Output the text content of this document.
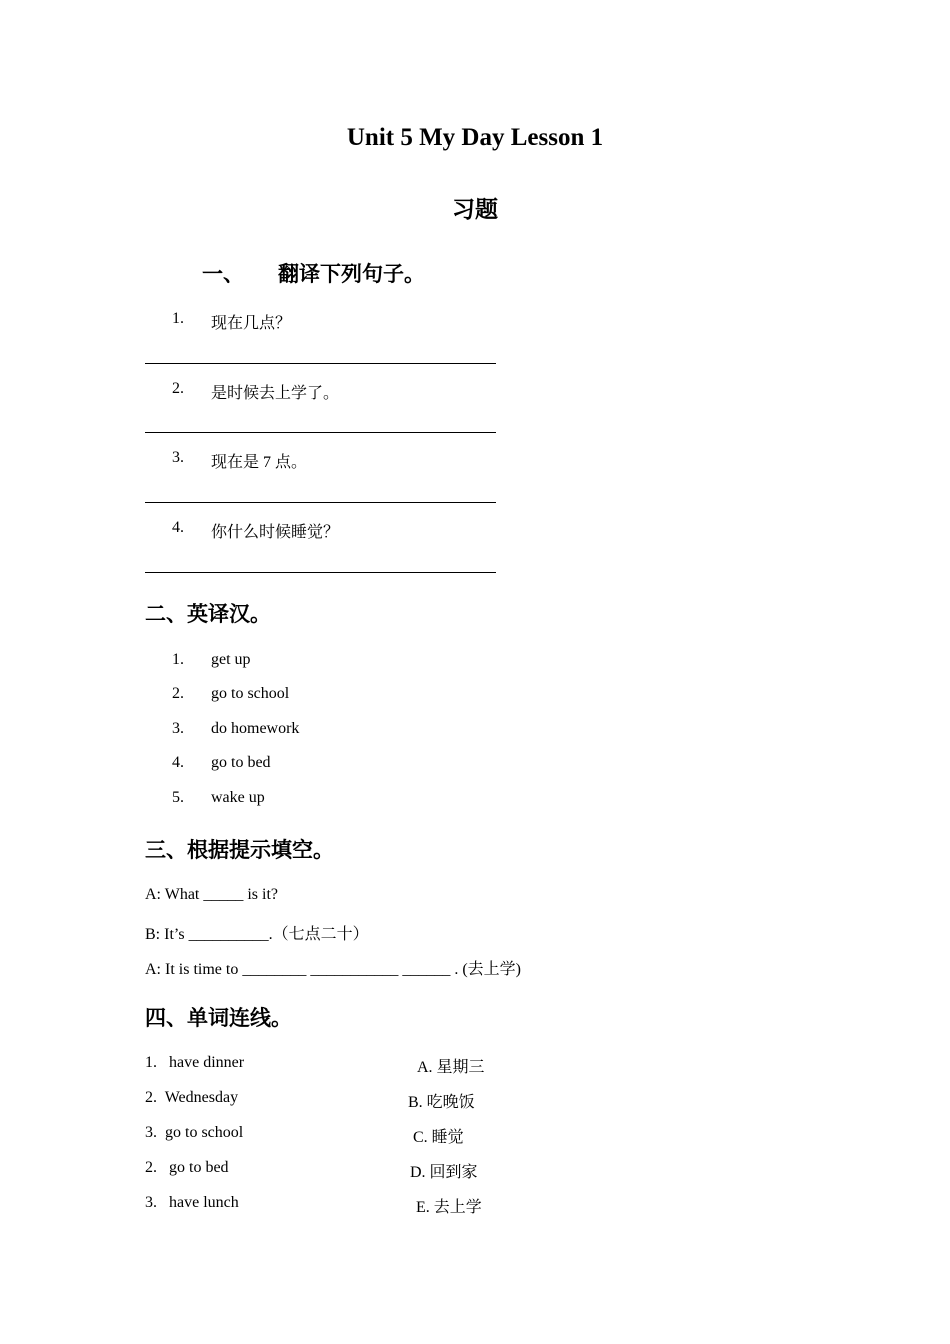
Unit 5 My Day Lesson 1
习题
一、 翻译下列句子。
1. 现在几点？
2. 是时候去上学了。
3. 现在是 7 点。
4. 你什么时候睡觉？
二、英译汉。
1. get up
2. go to school
3. do homework
4. go to bed
5. wake up
三、根据提示填空。
A: What _____ is it?
B: It’s __________.（七点二十）
A: It is time to ________ ___________ ______ . (去上学)
四、单词连线。
1.   have dinner	A. 星期三
2.  Wednesday	B. 吃晚饭
3.  go to school	C. 睡觉
2.   go to bed	D. 回到家
3.   have lunch	E. 去上学
